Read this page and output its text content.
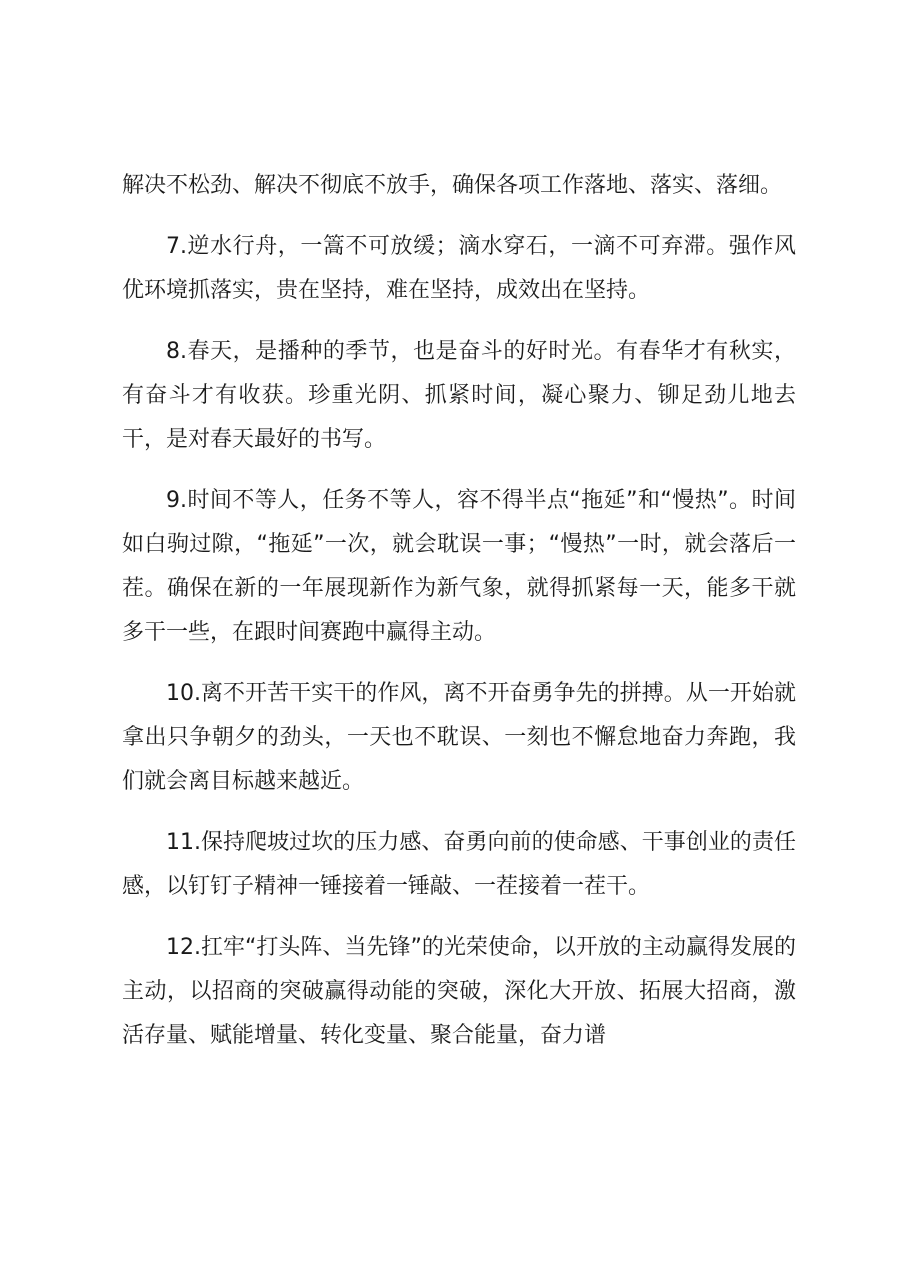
解决不松劲、解决不彻底不放手，确保各项工作落地、落实、落细。

7.逆水行舟，一篙不可放缓；滴水穿石，一滴不可弃滞。强作风优环境抓落实，贵在坚持，难在坚持，成效出在坚持。

8.春天，是播种的季节，也是奋斗的好时光。有春华才有秋实，有奋斗才有收获。珍重光阴、抓紧时间，凝心聚力、铆足劲儿地去干，是对春天最好的书写。

9.时间不等人，任务不等人，容不得半点“拖延”和“慢热”。时间如白驹过隙，“拖延”一次，就会耽误一事；“慢热”一时，就会落后一茬。确保在新的一年展现新作为新气象，就得抓紧每一天，能多干就多干一些，在跟时间赛跑中赢得主动。

10.离不开苦干实干的作风，离不开奋勇争先的拼搏。从一开始就拿出只争朝夕的劲头，一天也不耽误、一刻也不懈怠地奋力奔跑，我们就会离目标越来越近。

11.保持爬坡过坎的压力感、奋勇向前的使命感、干事创业的责任感，以钉钉子精神一锤接着一锤敲、一茬接着一茬干。

12.扛牢“打头阵、当先锋”的光荣使命，以开放的主动赢得发展的主动，以招商的突破赢得动能的突破，深化大开放、拓展大招商，激活存量、赋能增量、转化变量、聚合能量，奋力谱
